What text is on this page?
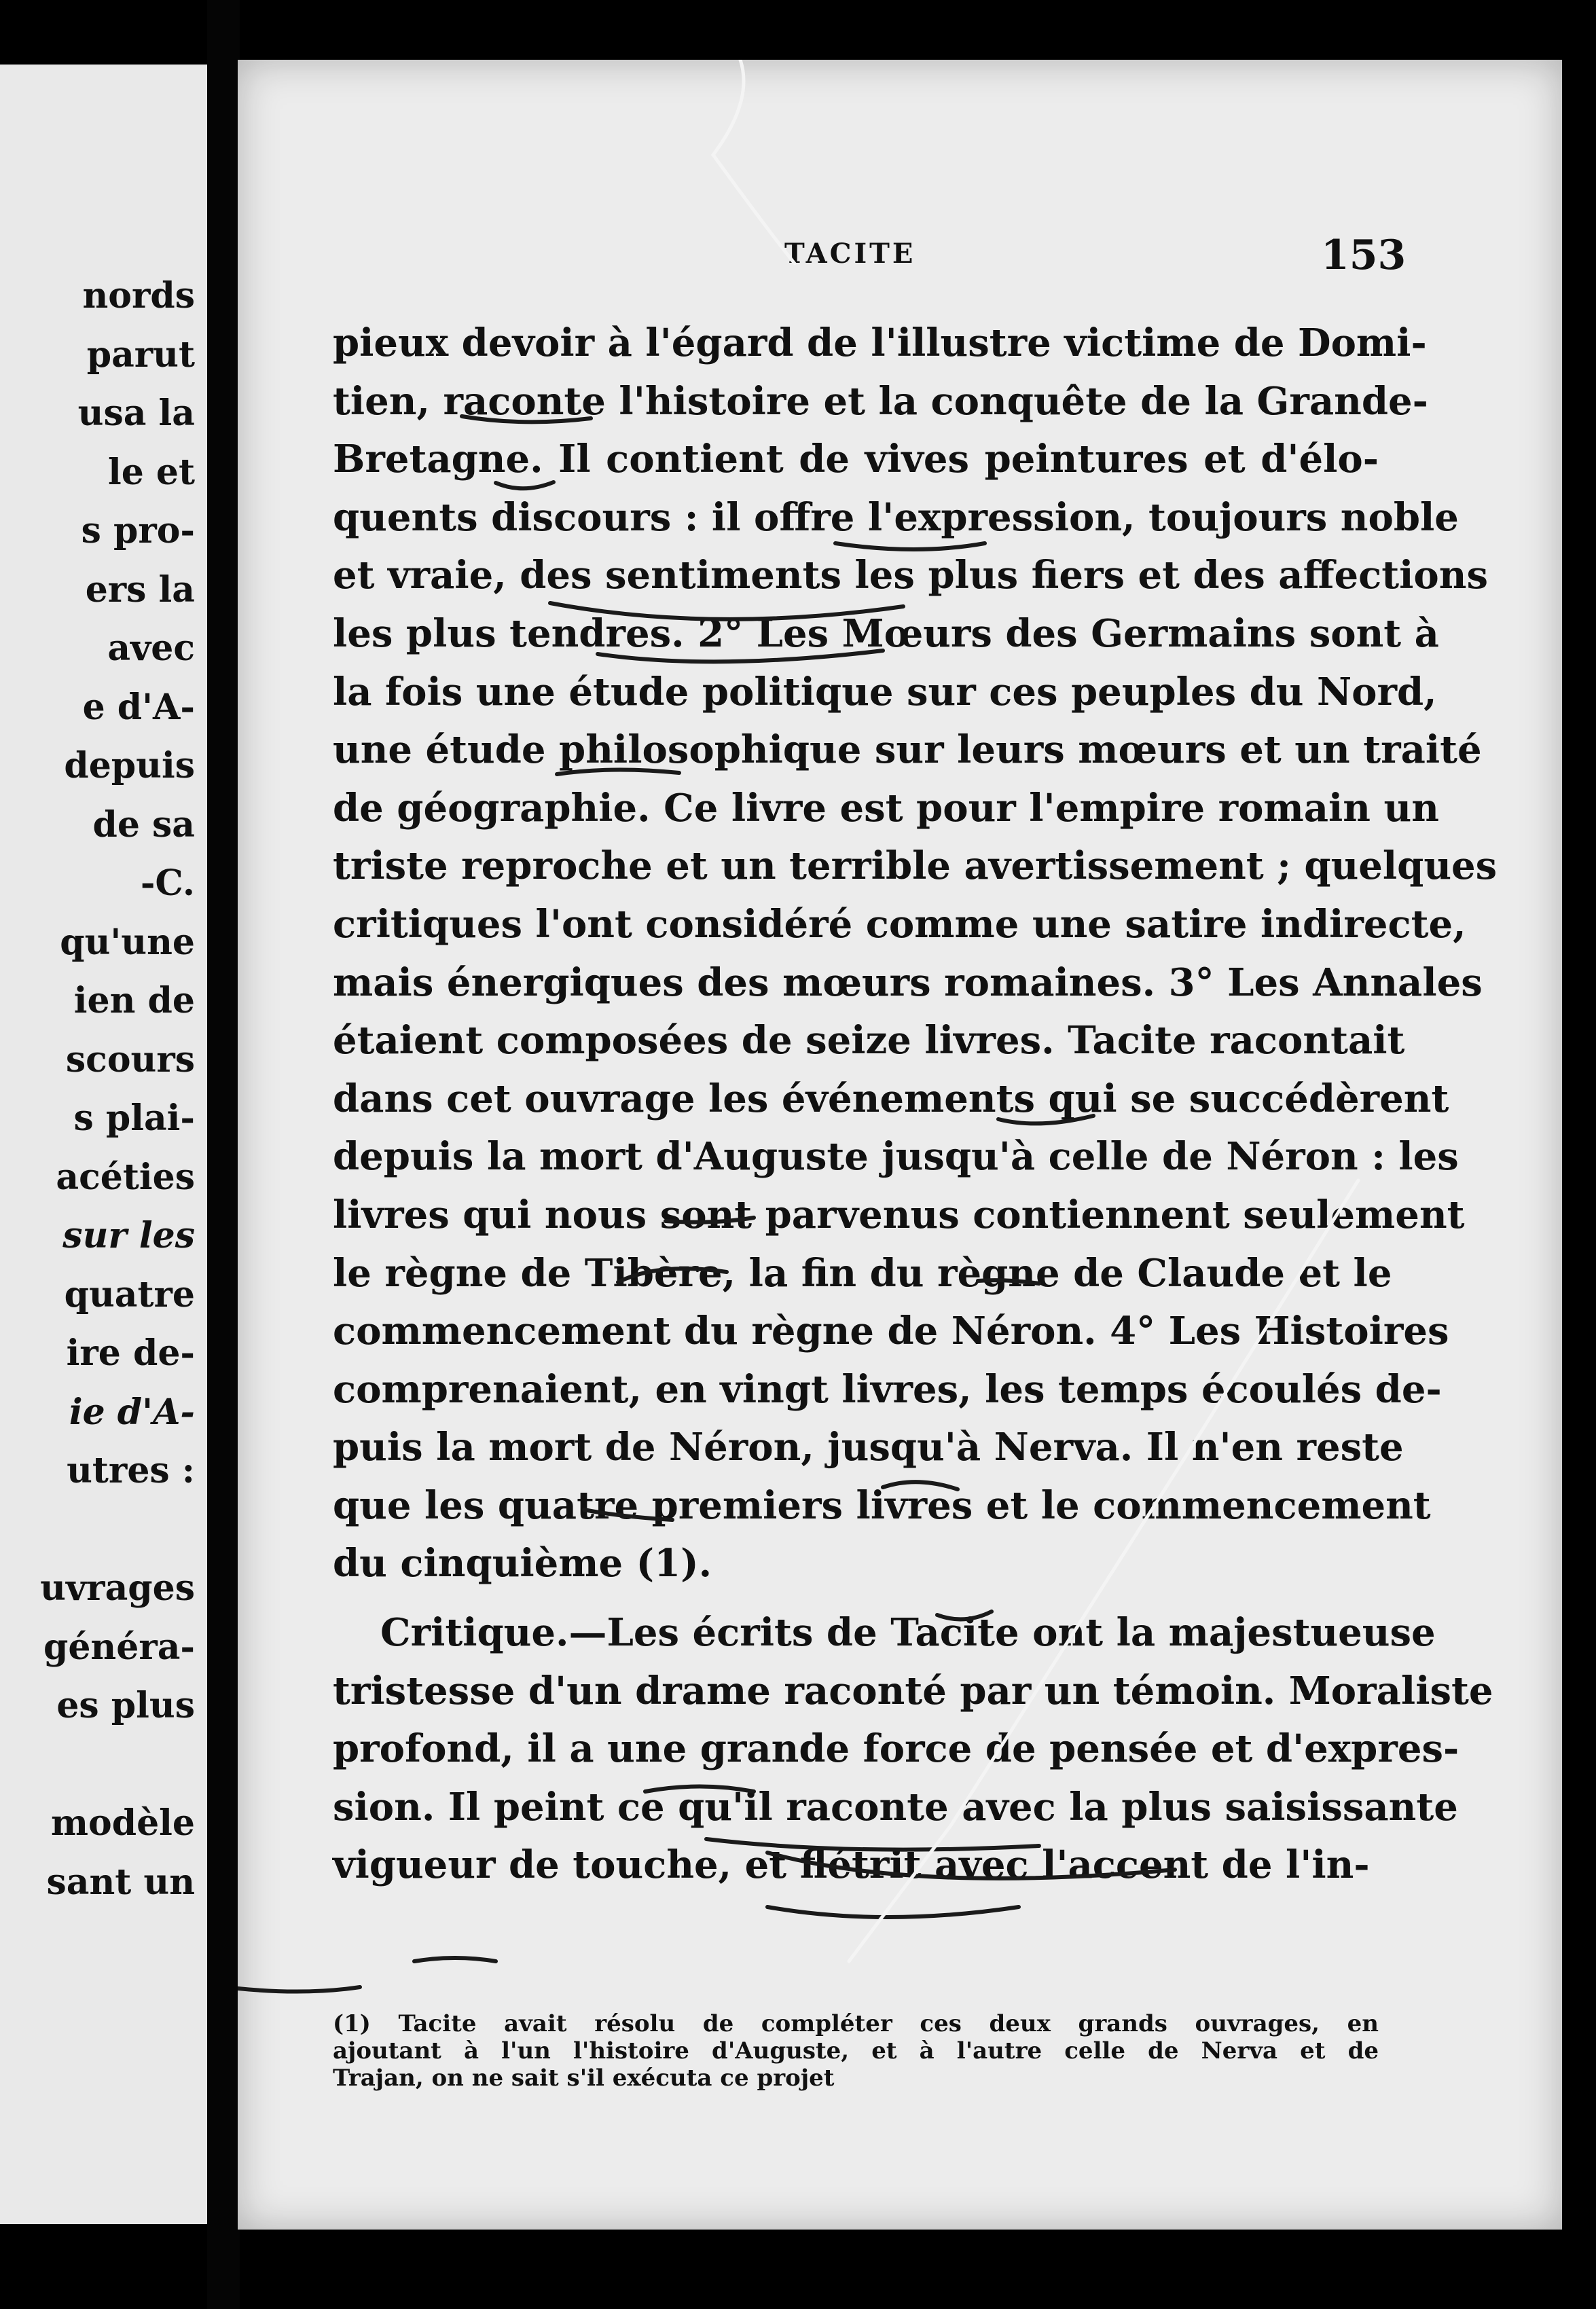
nords
parut
usa la
le et
s pro-
ers la
avec
e d'A-
depuis
de sa
-C.
qu'une
ien de
scours
s plai-
acéties
sur les
quatre
ire de-
ie d'A-
utres :
uvrages
généra-
es plus
modèle
sant un
TACITE	153
pieux devoir à l'égard de l'illustre victime de Domi-
tien, raconte l'histoire et la conquête de la Grande-
Bretagne. Il contient de vives peintures et d'élo-
quents discours : il offre l'expression, toujours noble
et vraie, des sentiments les plus fiers et des affections
les plus tendres. 2° Les Mœurs des Germains sont à
la fois une étude politique sur ces peuples du Nord,
une étude philosophique sur leurs mœurs et un traité
de géographie. Ce livre est pour l'empire romain un
triste reproche et un terrible avertissement ; quelques
critiques l'ont considéré comme une satire indirecte,
mais énergiques des mœurs romaines. 3° Les Annales
étaient composées de seize livres. Tacite racontait
dans cet ouvrage les événements qui se succédèrent
depuis la mort d'Auguste jusqu'à celle de Néron : les
livres qui nous sont parvenus contiennent seulement
le règne de Tibère, la fin du règne de Claude et le
commencement du règne de Néron. 4° Les Histoires
comprenaient, en vingt livres, les temps écoulés de-
puis la mort de Néron, jusqu'à Nerva. Il n'en reste
que les quatre premiers livres et le commencement
du cinquième (1).
Critique.—Les écrits de Tacite ont la majestueuse
tristesse d'un drame raconté par un témoin. Moraliste
profond, il a une grande force de pensée et d'expres-
sion. Il peint ce qu'il raconte avec la plus saisissante
vigueur de touche, et flétrit avec l'accent de l'in-
(1) Tacite avait résolu de compléter ces deux grands ouvrages, en
ajoutant à l'un l'histoire d'Auguste, et à l'autre celle de Nerva et de
Trajan, on ne sait s'il exécuta ce projet
